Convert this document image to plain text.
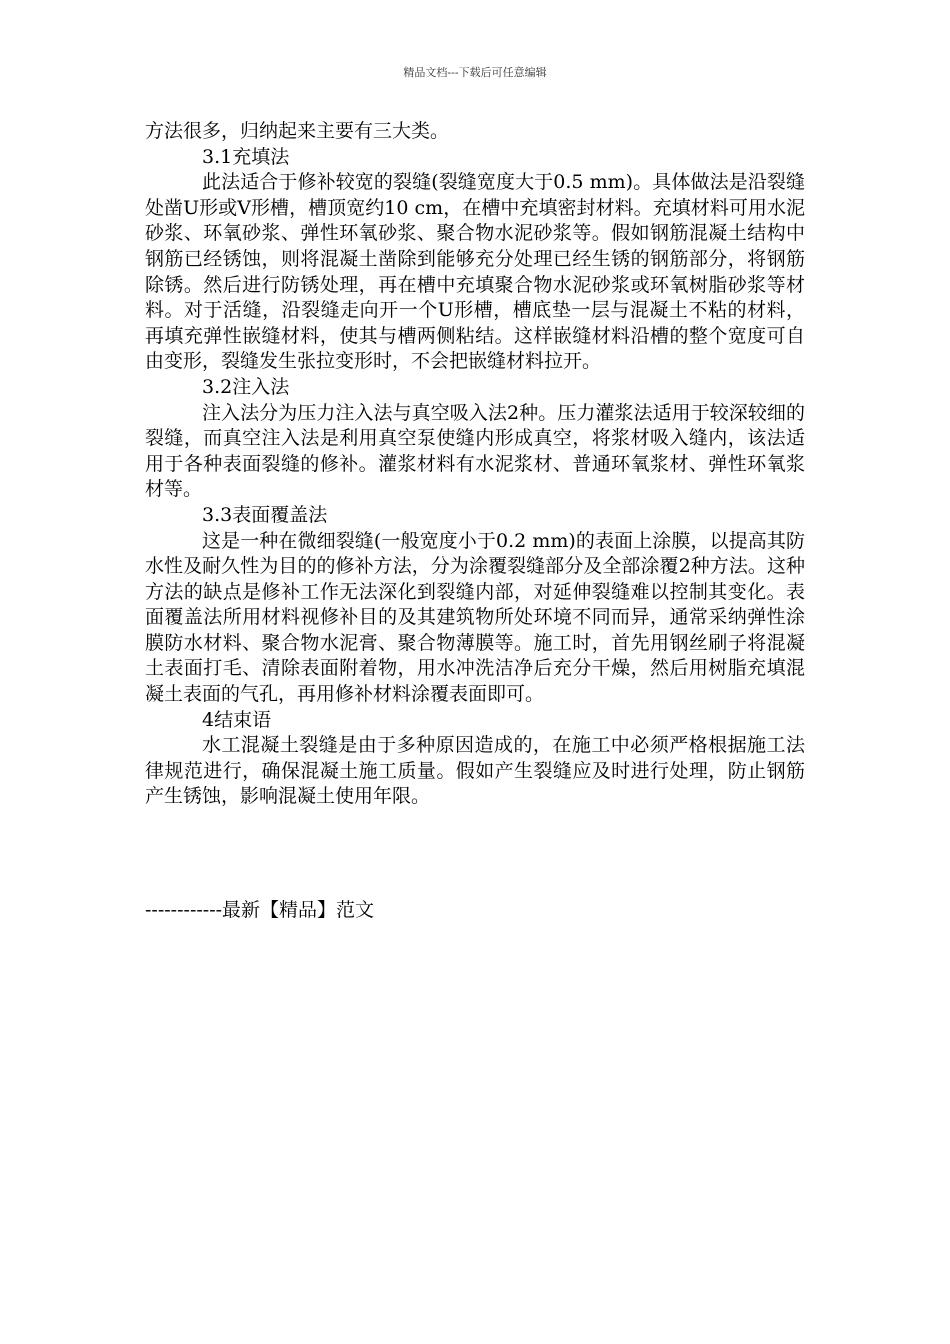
精品文档---下载后可任意编辑

方法很多，归纳起来主要有三大类。

3.1充填法

此法适合于修补较宽的裂缝(裂缝宽度大于0.5 mm)。具体做法是沿裂缝处凿U形或V形槽，槽顶宽约10 cm，在槽中充填密封材料。充填材料可用水泥砂浆、环氧砂浆、弹性环氧砂浆、聚合物水泥砂浆等。假如钢筋混凝土结构中钢筋已经锈蚀，则将混凝土凿除到能够充分处理已经生锈的钢筋部分，将钢筋除锈。然后进行防锈处理，再在槽中充填聚合物水泥砂浆或环氧树脂砂浆等材料。对于活缝，沿裂缝走向开一个U形槽，槽底垫一层与混凝土不粘的材料，再填充弹性嵌缝材料，使其与槽两侧粘结。这样嵌缝材料沿槽的整个宽度可自由变形，裂缝发生张拉变形时，不会把嵌缝材料拉开。

3.2注入法

注入法分为压力注入法与真空吸入法2种。压力灌浆法适用于较深较细的裂缝，而真空注入法是利用真空泵使缝内形成真空，将浆材吸入缝内，该法适用于各种表面裂缝的修补。灌浆材料有水泥浆材、普通环氧浆材、弹性环氧浆材等。

3.3表面覆盖法

这是一种在微细裂缝(一般宽度小于0.2 mm)的表面上涂膜，以提高其防水性及耐久性为目的的修补方法，分为涂覆裂缝部分及全部涂覆2种方法。这种方法的缺点是修补工作无法深化到裂缝内部，对延伸裂缝难以控制其变化。表面覆盖法所用材料视修补目的及其建筑物所处环境不同而异，通常采纳弹性涂膜防水材料、聚合物水泥膏、聚合物薄膜等。施工时，首先用钢丝刷子将混凝土表面打毛、清除表面附着物，用水冲洗洁净后充分干燥，然后用树脂充填混凝土表面的气孔，再用修补材料涂覆表面即可。

4结束语

水工混凝土裂缝是由于多种原因造成的，在施工中必须严格根据施工法律规范进行，确保混凝土施工质量。假如产生裂缝应及时进行处理，防止钢筋产生锈蚀，影响混凝土使用年限。

------------最新【精品】范文
